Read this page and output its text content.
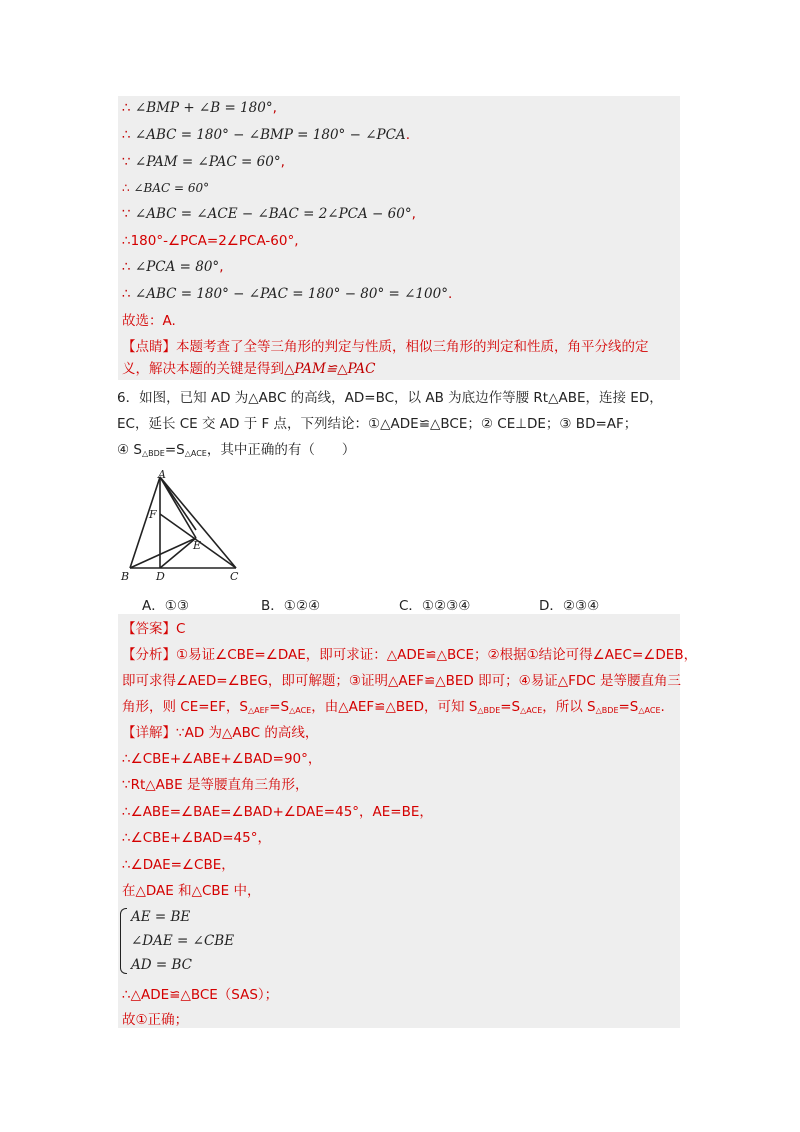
∴ ∠BMP + ∠B = 180°,
∴ ∠ABC = 180° − ∠BMP = 180° − ∠PCA.
∵ ∠PAM = ∠PAC = 60°,
∴ ∠BAC = 60°
∵ ∠ABC = ∠ACE − ∠BAC = 2∠PCA − 60°,
∴180°-∠PCA=2∠PCA-60°,
∴ ∠PCA = 80°,
∴ ∠ABC = 180° − ∠PAC = 180° − 80° = ∠100°.
故选：A.
【点睛】本题考查了全等三角形的判定与性质，相似三角形的判定和性质，角平分线的定
义，解决本题的关键是得到△PAM≌△PAC
6．如图，已知 AD 为△ABC 的高线，AD=BC，以 AB 为底边作等腰 Rt△ABE，连接 ED，
EC，延长 CE 交 AD 于 F 点，下列结论：①△ADE≌△BCE；② CE⊥DE；③ BD=AF；
④ $S_{\triangle BDE}=S_{\triangle ACE}$，其中正确的有（　　）
A
F
E
B D	C
A．①③	B．①②④	C．①②③④	D．②③④
【答案】C
【分析】①易证∠CBE=∠DAE，即可求证：△ADE≌△BCE；②根据①结论可得∠AEC=∠DEB，
即可求得∠AED=∠BEG，即可解题；③证明△AEF≌△BED 即可；④易证△FDC 是等腰直角三
角形，则 CE=EF，$S_{\triangle AEF}=S_{\triangle ACE}$，由△AEF≌△BED，可知 $S_{\triangle BDE}=S_{\triangle ACE}$，所以 $S_{\triangle BDE}=S_{\triangle ACE}$.
【详解】∵AD 为△ABC 的高线，
∴∠CBE+∠ABE+∠BAD=90°，
∵Rt△ABE 是等腰直角三角形，
∴∠ABE=∠BAE=∠BAD+∠DAE=45°，AE=BE，
∴∠CBE+∠BAD=45°，
∴∠DAE=∠CBE，
在△DAE 和△CBE 中，
AE = BE
∠DAE = ∠CBE
AD = BC
∴△ADE≌△BCE（SAS）；
故①正确；
